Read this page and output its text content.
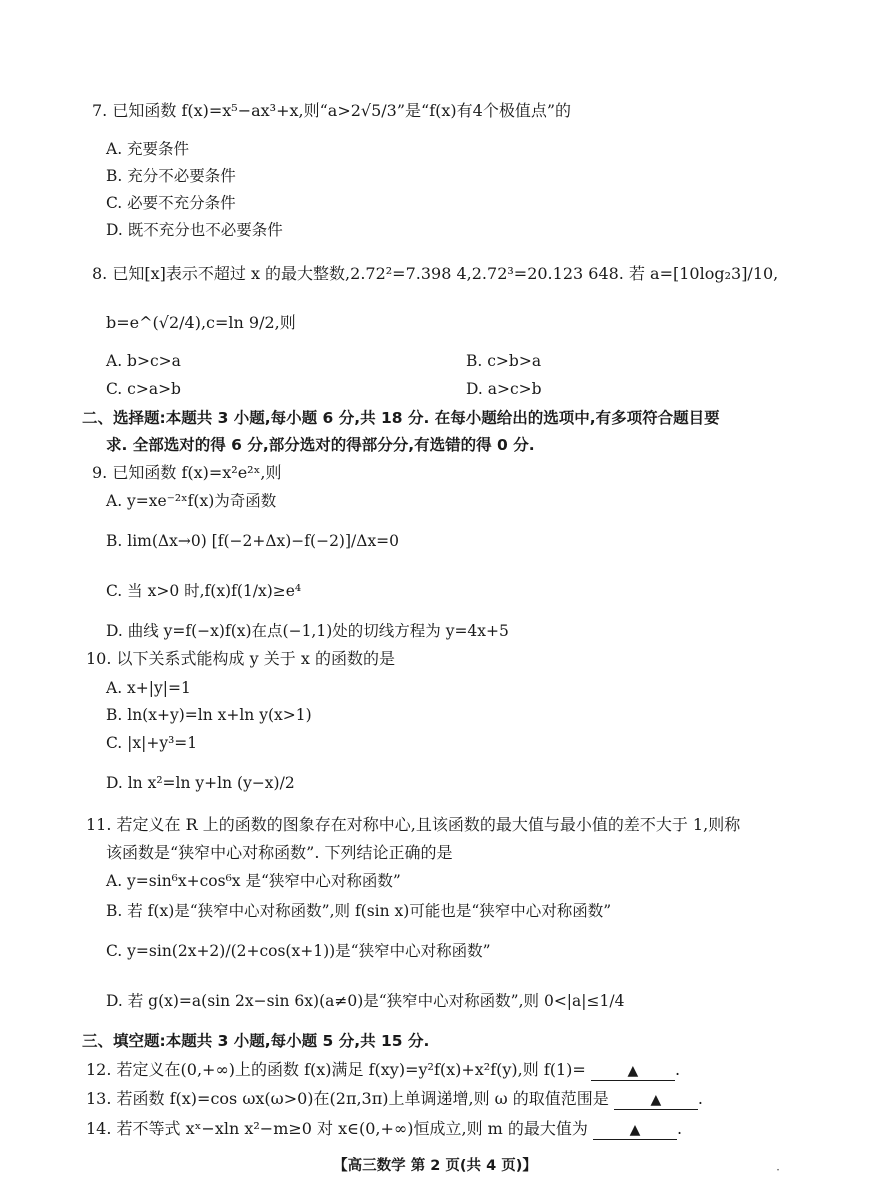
7. 已知函数 f(x)=x⁵−ax³+x,则“a>2√5/3”是“f(x)有4个极值点”的
A. 充要条件
B. 充分不必要条件
C. 必要不充分条件
D. 既不充分也不必要条件
8. 已知[x]表示不超过 x 的最大整数,2.72²=7.398 4,2.72³=20.123 648. 若 a=[10log₂3]/10,
b=e^(√2/4),c=ln 9/2,则
A. b>c>a	B. c>b>a
C. c>a>b	D. a>c>b
二、选择题:本题共 3 小题,每小题 6 分,共 18 分. 在每小题给出的选项中,有多项符合题目要
求. 全部选对的得 6 分,部分选对的得部分分,有选错的得 0 分.
9. 已知函数 f(x)=x²e²ˣ,则
A. y=xe⁻²ˣf(x)为奇函数
B. lim(Δx→0) [f(−2+Δx)−f(−2)]/Δx=0
C. 当 x>0 时,f(x)f(1/x)≥e⁴
D. 曲线 y=f(−x)f(x)在点(−1,1)处的切线方程为 y=4x+5
10. 以下关系式能构成 y 关于 x 的函数的是
A. x+|y|=1
B. ln(x+y)=ln x+ln y(x>1)
C. |x|+y³=1
D. ln x²=ln y+ln (y−x)/2
11. 若定义在 R 上的函数的图象存在对称中心,且该函数的最大值与最小值的差不大于 1,则称
该函数是“狭窄中心对称函数”. 下列结论正确的是
A. y=sin⁶x+cos⁶x 是“狭窄中心对称函数”
B. 若 f(x)是“狭窄中心对称函数”,则 f(sin x)可能也是“狭窄中心对称函数”
C. y=sin(2x+2)/(2+cos(x+1))是“狭窄中心对称函数”
D. 若 g(x)=a(sin 2x−sin 6x)(a≠0)是“狭窄中心对称函数”,则 0<|a|≤1/4
三、填空题:本题共 3 小题,每小题 5 分,共 15 分.
12. 若定义在(0,+∞)上的函数 f(x)满足 f(xy)=y²f(x)+x²f(y),则 f(1)=	▲ .
13. 若函数 f(x)=cos ωx(ω>0)在(2π,3π)上单调递增,则 ω 的取值范围是	▲ .
14. 若不等式 xˣ−xln x²−m≥0 对 x∈(0,+∞)恒成立,则 m 的最大值为	▲ .
【高三数学 第 2 页(共 4 页)】	·
